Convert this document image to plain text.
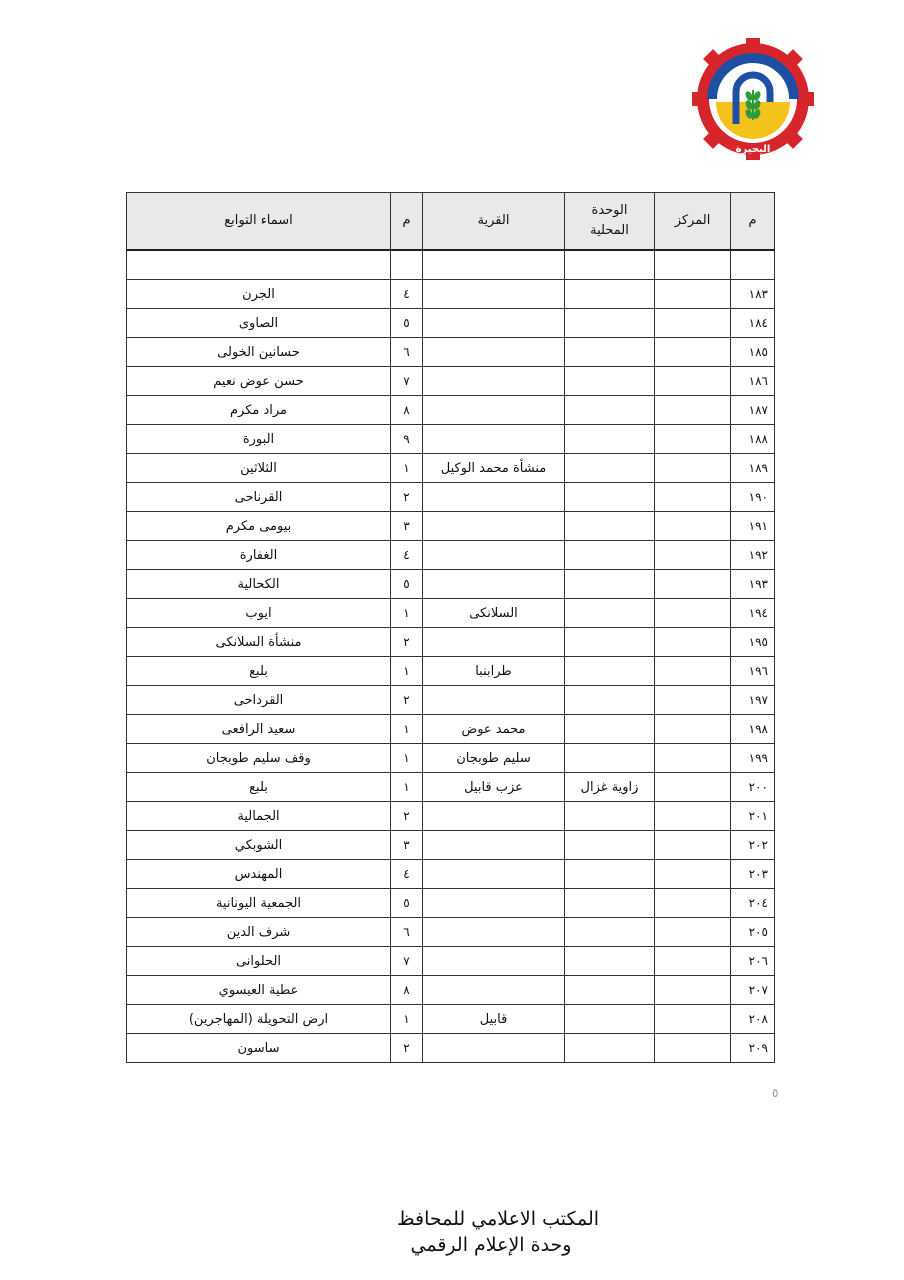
البحيرة
م	المركز	الوحدة المحلية	القرية	م	اسماء التوابع

١٨٣				٤	الجرن
١٨٤				٥	الصاوى
١٨٥				٦	حسانين الخولى
١٨٦				٧	حسن عوض نعيم
١٨٧				٨	مراد مكرم
١٨٨				٩	البورة
١٨٩			منشأة محمد الوكيل	١	الثلاثين
١٩٠				٢	القرناحى
١٩١				٣	بيومى مكرم
١٩٢				٤	الغفارة
١٩٣				٥	الكحالية
١٩٤			السلانكى	١	ايوب
١٩٥				٢	منشأة السلانكى
١٩٦			طرابنبا	١	بلبع
١٩٧				٢	القرداحى
١٩٨			محمد عوض	١	سعيد الرافعى
١٩٩			سليم طوبجان	١	وقف سليم طوبجان
٢٠٠		زاوية غزال	عزب قابيل	١	بلبع
٢٠١				٢	الجمالية
٢٠٢				٣	الشوبكي
٢٠٣				٤	المهندس
٢٠٤				٥	الجمعية اليونانية
٢٠٥				٦	شرف الدين
٢٠٦				٧	الحلوانى
٢٠٧				٨	عطية العيسوي
٢٠٨			قابيل	١	ارض التحويلة (المهاجرين)
٢٠٩				٢	ساسون
٥
المكتب الاعلامي للمحافظ
وحدة الإعلام الرقمي
